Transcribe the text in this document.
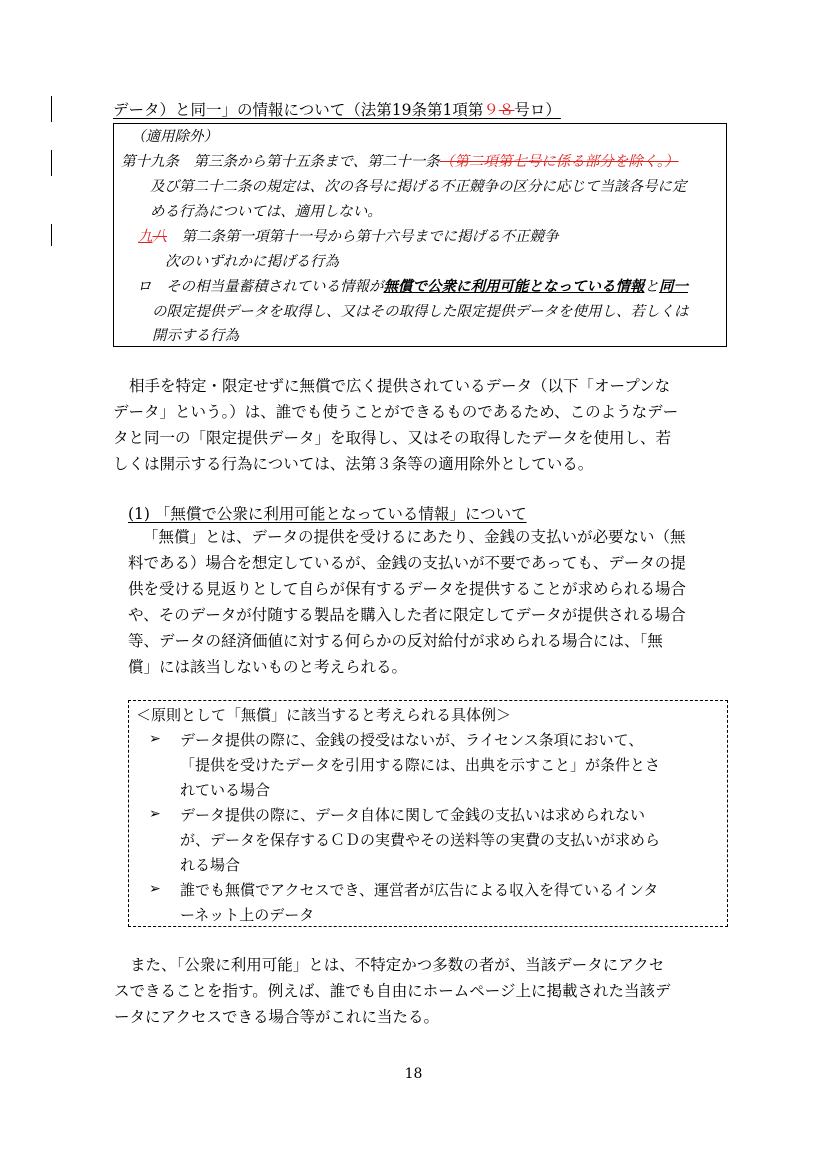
データ）と同一」の情報について（法第19条第1項第９８号ロ）
（適用除外）
第十九条　第三条から第十五条まで、第二十一条（第二項第七号に係る部分を除く。）
及び第二十二条の規定は、次の各号に掲げる不正競争の区分に応じて当該各号に定
める行為については、適用しない。
九八　 第二条第一項第十一号から第十六号までに掲げる不正競争
次のいずれかに掲げる行為
ロ　 その相当量蓄積されている情報が無償で公衆に利用可能となっている情報と同一
の限定提供データを取得し、又はその取得した限定提供データを使用し、若しくは
開示する行為
相手を特定・限定せずに無償で広く提供されているデータ（以下「オープンな
データ」という。）は、誰でも使うことができるものであるため、このようなデー
タと同一の「限定提供データ」を取得し、又はその取得したデータを使用し、若
しくは開示する行為については、法第３条等の適用除外としている。
(1) 「無償で公衆に利用可能となっている情報」について
「無償」とは、データの提供を受けるにあたり、金銭の支払いが必要ない（無
料である）場合を想定しているが、金銭の支払いが不要であっても、データの提
供を受ける見返りとして自らが保有するデータを提供することが求められる場合
や、そのデータが付随する製品を購入した者に限定してデータが提供される場合
等、データの経済価値に対する何らかの反対給付が求められる場合には、「無
償」には該当しないものと考えられる。
＜原則として「無償」に該当すると考えられる具体例＞
➢ データ提供の際に、金銭の授受はないが、ライセンス条項において、
「提供を受けたデータを引用する際には、出典を示すこと」が条件とさ
れている場合
➢ データ提供の際に、データ自体に関して金銭の支払いは求められない
が、データを保存するＣＤの実費やその送料等の実費の支払いが求めら
れる場合
➢ 誰でも無償でアクセスでき、運営者が広告による収入を得ているインタ
ーネット上のデータ
また、「公衆に利用可能」とは、不特定かつ多数の者が、当該データにアクセ
スできることを指す。例えば、誰でも自由にホームページ上に掲載された当該デ
ータにアクセスできる場合等がこれに当たる。
18
